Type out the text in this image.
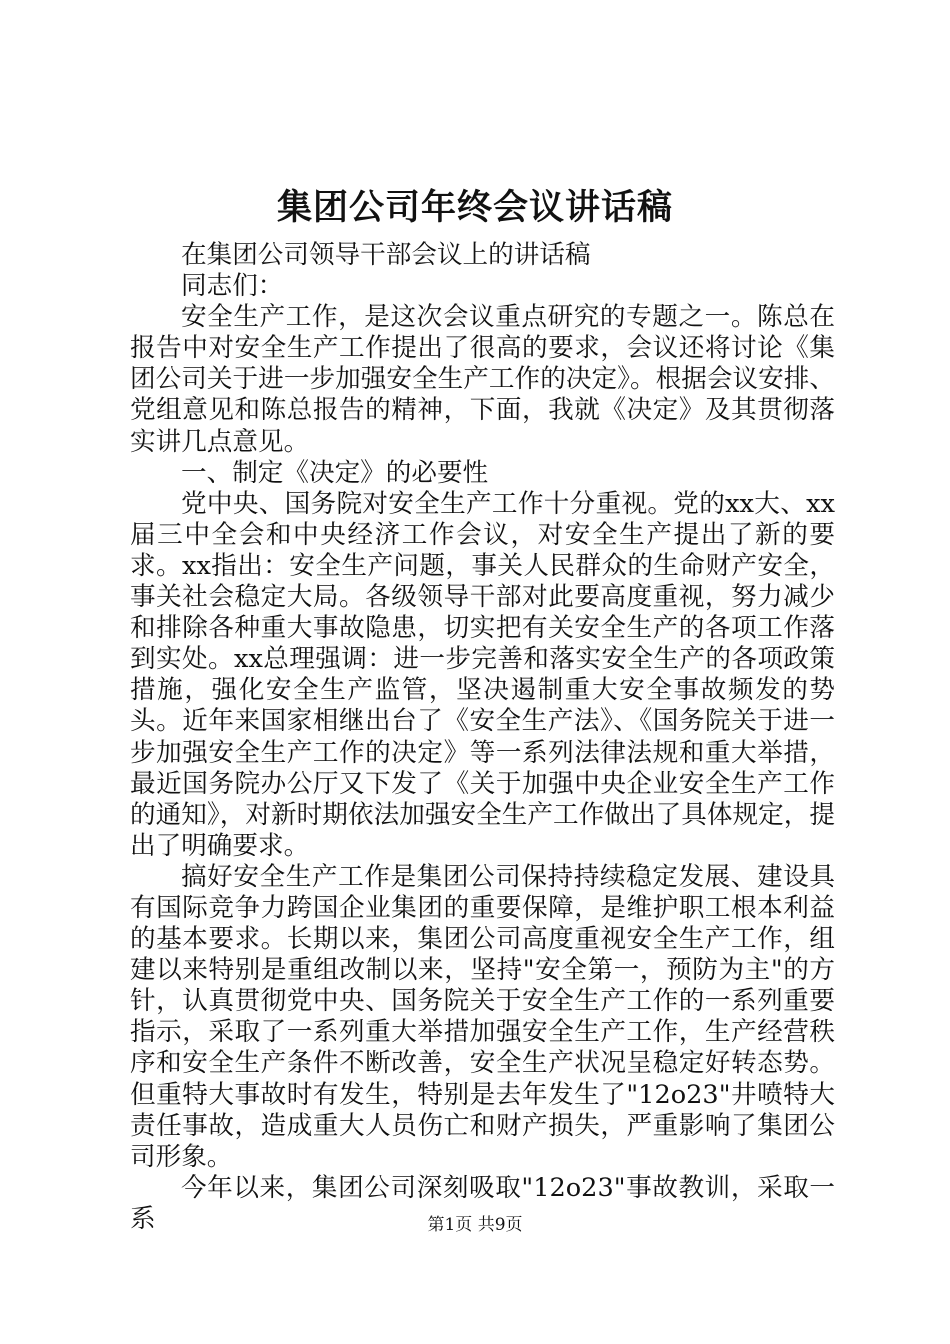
集团公司年终会议讲话稿

在集团公司领导干部会议上的讲话稿

同志们：

安全生产工作，是这次会议重点研究的专题之一。陈总在报告中对安全生产工作提出了很高的要求，会议还将讨论《集团公司关于进一步加强安全生产工作的决定》。根据会议安排、党组意见和陈总报告的精神，下面，我就《决定》及其贯彻落实讲几点意见。

一、制定《决定》的必要性

党中央、国务院对安全生产工作十分重视。党的xx大、xx届三中全会和中央经济工作会议，对安全生产提出了新的要求。xx指出：安全生产问题，事关人民群众的生命财产安全，事关社会稳定大局。各级领导干部对此要高度重视，努力减少和排除各种重大事故隐患，切实把有关安全生产的各项工作落到实处。xx总理强调：进一步完善和落实安全生产的各项政策措施，强化安全生产监管，坚决遏制重大安全事故频发的势头。近年来国家相继出台了《安全生产法》、《国务院关于进一步加强安全生产工作的决定》等一系列法律法规和重大举措，最近国务院办公厅又下发了《关于加强中央企业安全生产工作的通知》，对新时期依法加强安全生产工作做出了具体规定，提出了明确要求。

搞好安全生产工作是集团公司保持持续稳定发展、建设具有国际竞争力跨国企业集团的重要保障，是维护职工根本利益的基本要求。长期以来，集团公司高度重视安全生产工作，组建以来特别是重组改制以来，坚持"安全第一，预防为主"的方针，认真贯彻党中央、国务院关于安全生产工作的一系列重要指示，采取了一系列重大举措加强安全生产工作，生产经营秩序和安全生产条件不断改善，安全生产状况呈稳定好转态势。但重特大事故时有发生，特别是去年发生了"12o23"井喷特大责任事故，造成重大人员伤亡和财产损失，严重影响了集团公司形象。

今年以来，集团公司深刻吸取"12o23"事故教训，采取一系	第1页 共9页
